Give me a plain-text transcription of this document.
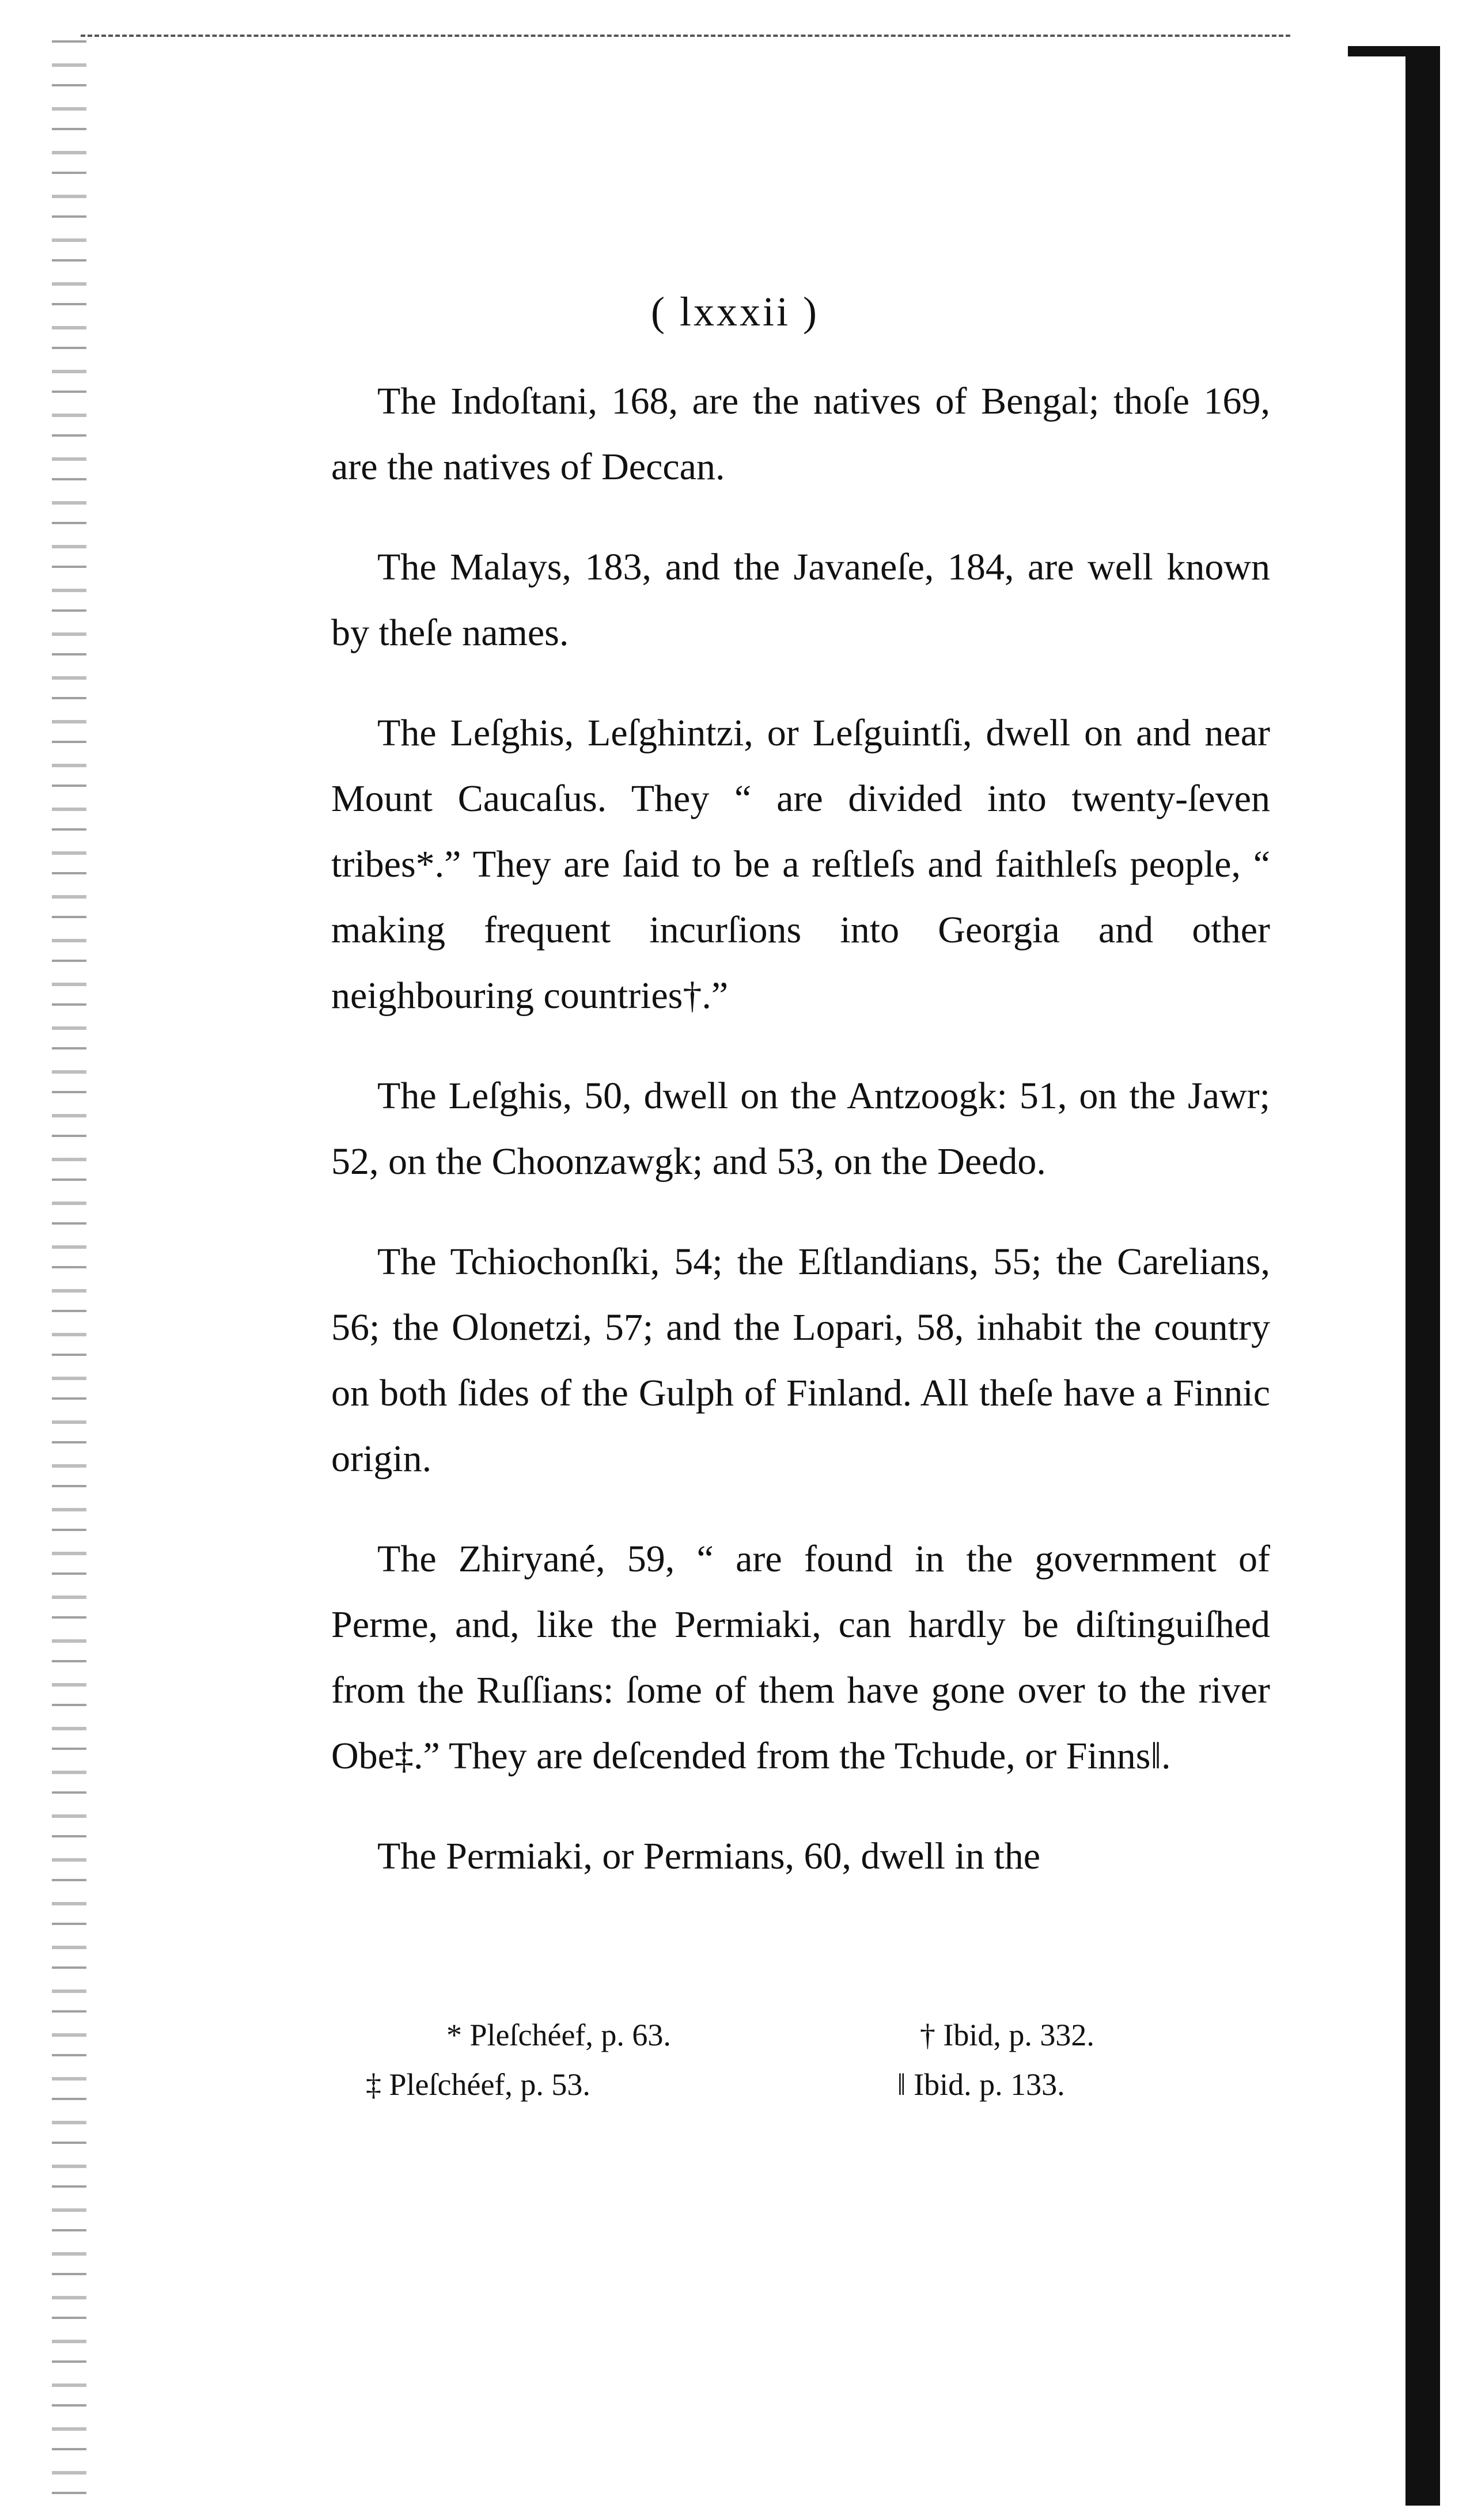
( lxxxii )

The Indoſtani, 168, are the natives of Bengal; thoſe 169, are the natives of Deccan.

The Malays, 183, and the Javaneſe, 184, are well known by theſe names.

The Leſghis, Leſghintzi, or Leſguintſi, dwell on and near Mount Caucaſus. They “ are divided into twenty-ſeven tribes*.” They are ſaid to be a reſtleſs and faithleſs people, “ making frequent incurſions into Georgia and other neighbouring countries†.”

The Leſghis, 50, dwell on the Antzoogk: 51, on the Jawr; 52, on the Choonzawgk; and 53, on the Deedo.

The Tchiochonſki, 54; the Eſtlandians, 55; the Carelians, 56; the Olonetzi, 57; and the Lopari, 58, inhabit the country on both ſides of the Gulph of Finland. All theſe have a Finnic origin.

The Zhiryané, 59, “ are found in the government of Perme, and, like the Permiaki, can hardly be diſtinguiſhed from the Ruſſians: ſome of them have gone over to the river Obe‡.” They are deſcended from the Tchude, or Finns‖.

The Permiaki, or Permians, 60, dwell in the

* Pleſchéef, p. 63.	† Ibid, p. 332.
‡ Pleſchéef, p. 53.	‖ Ibid. p. 133.
